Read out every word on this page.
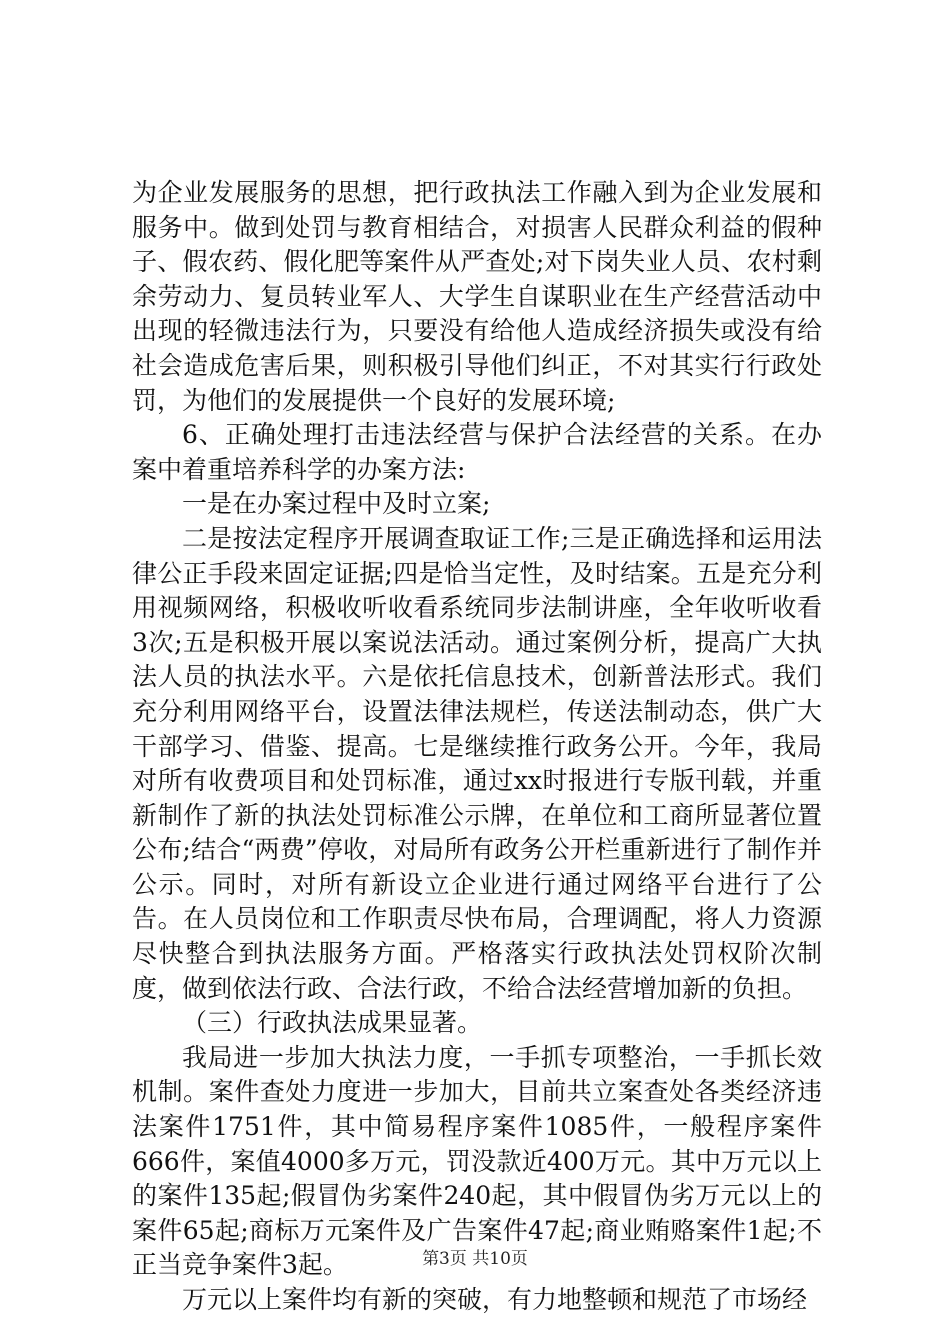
为企业发展服务的思想，把行政执法工作融入到为企业发展和服务中。做到处罚与教育相结合，对损害人民群众利益的假种子、假农药、假化肥等案件从严查处;对下岗失业人员、农村剩余劳动力、复员转业军人、大学生自谋职业在生产经营活动中出现的轻微违法行为，只要没有给他人造成经济损失或没有给社会造成危害后果，则积极引导他们纠正，不对其实行行政处罚，为他们的发展提供一个良好的发展环境;

6、正确处理打击违法经营与保护合法经营的关系。在办案中着重培养科学的办案方法:

一是在办案过程中及时立案;

二是按法定程序开展调查取证工作;三是正确选择和运用法律公正手段来固定证据;四是恰当定性，及时结案。五是充分利用视频网络，积极收听收看系统同步法制讲座，全年收听收看3次;五是积极开展以案说法活动。通过案例分析，提高广大执法人员的执法水平。六是依托信息技术，创新普法形式。我们充分利用网络平台，设置法律法规栏，传送法制动态，供广大干部学习、借鉴、提高。七是继续推行政务公开。今年，我局对所有收费项目和处罚标准，通过xx时报进行专版刊载，并重新制作了新的执法处罚标准公示牌，在单位和工商所显著位置公布;结合“两费”停收，对局所有政务公开栏重新进行了制作并公示。同时，对所有新设立企业进行通过网络平台进行了公告。在人员岗位和工作职责尽快布局，合理调配，将人力资源尽快整合到执法服务方面。严格落实行政执法处罚权阶次制度，做到依法行政、合法行政，不给合法经营增加新的负担。

（三）行政执法成果显著。

我局进一步加大执法力度，一手抓专项整治，一手抓长效机制。案件查处力度进一步加大，目前共立案查处各类经济违法案件1751件，其中简易程序案件1085件，一般程序案件666件，案值4000多万元，罚没款近400万元。其中万元以上的案件135起;假冒伪劣案件240起，其中假冒伪劣万元以上的案件65起;商标万元案件及广告案件47起;商业贿赂案件1起;不正当竞争案件3起。

万元以上案件均有新的突破，有力地整顿和规范了市场经

第3页 共10页
